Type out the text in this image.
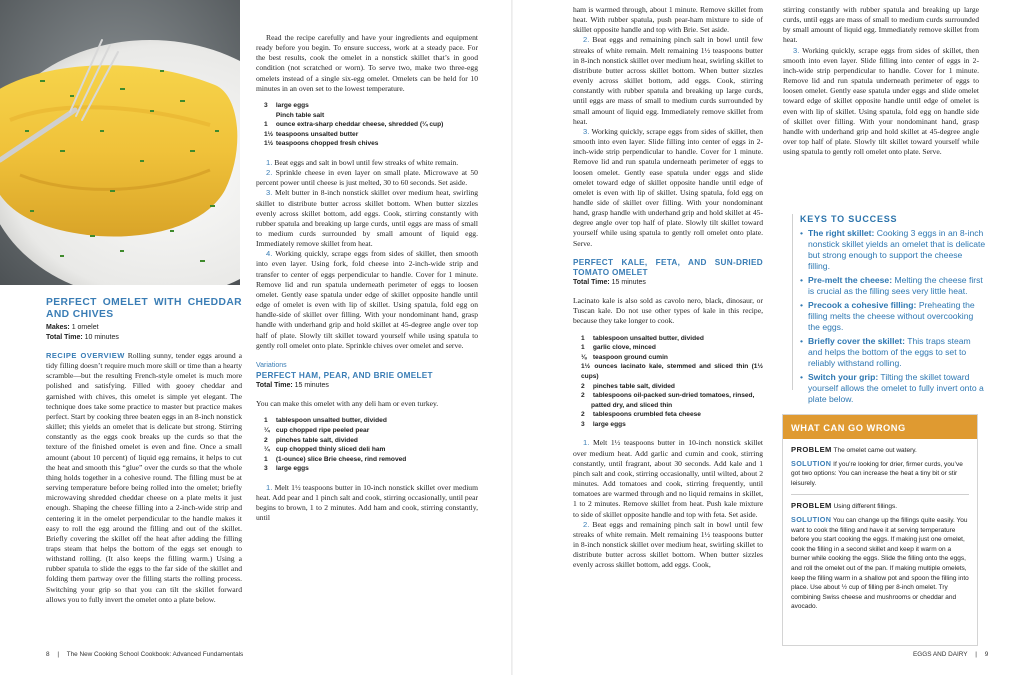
PERFECT OMELET WITH CHEDDAR AND CHIVES
Makes: 1 omelet
Total Time: 10 minutes

RECIPE OVERVIEW Rolling sunny, tender eggs around a tidy filling doesn’t require much more skill or time than a hearty scramble—but the resulting French-style omelet is much more polished and satisfying. Filled with gooey cheddar and garnished with chives, this omelet is simple yet elegant. The technique does take some practice to master but practice makes perfect. Start by cooking three beaten eggs in an 8-inch nonstick skillet; this yields an omelet that is delicate but strong. Stirring constantly as the eggs cook breaks up the curds so that the texture of the finished omelet is even and fine. Once a small amount (about 10 percent) of liquid egg remains, it helps to cut the heat and smooth this “glue” over the curds so that the whole thing holds together in a cohesive round. The filling must be at serving temperature before being rolled into the omelet; briefly microwaving shredded cheddar cheese on a plate melts it just enough. Shaping the cheese filling into a 2-inch-wide strip and centering it in the omelet perpendicular to the handle makes it easy to roll the egg around the filling and out of the skillet. Briefly covering the skillet off the heat after adding the filling traps steam that helps the bottom of the eggs set enough to withstand rolling. (It also keeps the filling warm.) Using a rubber spatula to slide the eggs to the far side of the skillet and folding them partway over the filling starts the rolling process. Switching your grip so that you can tilt the skillet forward allows you to fully invert the omelet onto a plate below.

Read the recipe carefully and have your ingredients and equipment ready before you begin. To ensure success, work at a steady pace. For the best results, cook the omelet in a nonstick skillet that’s in good condition (not scratched or worn). To serve two, make two three-egg omelets instead of a single six-egg omelet. Omelets can be held for 10 minutes in an oven set to the lowest temperature.

3 large eggs
Pinch table salt
1 ounce extra-sharp cheddar cheese, shredded (¼ cup)
1½ teaspoons unsalted butter
1½ teaspoons chopped fresh chives

1. Beat eggs and salt in bowl until few streaks of white remain.

2. Sprinkle cheese in even layer on small plate. Microwave at 50 percent power until cheese is just melted, 30 to 60 seconds. Set aside.

3. Melt butter in 8-inch nonstick skillet over medium heat, swirling skillet to distribute butter across skillet bottom. When butter sizzles evenly across skillet bottom, add eggs. Cook, stirring constantly with rubber spatula and breaking up large curds, until eggs are mass of small to medium curds surrounded by small amount of liquid egg. Immediately remove skillet from heat.

4. Working quickly, scrape eggs from sides of skillet, then smooth into even layer. Using fork, fold cheese into 2-inch-wide strip and transfer to center of eggs perpendicular to handle. Cover for 1 minute. Remove lid and run spatula underneath perimeter of eggs to loosen omelet. Gently ease spatula under edge of skillet opposite handle until edge of omelet is even with lip of skillet. Using spatula, fold egg on handle-side of skillet over filling. With your nondominant hand, grasp handle with underhand grip and hold skillet at 45-degree angle over top half of plate. Slowly tilt skillet toward yourself while using spatula to gently roll omelet onto plate. Sprinkle chives over omelet and serve.

Variations
PERFECT HAM, PEAR, AND BRIE OMELET
Total Time: 15 minutes

You can make this omelet with any deli ham or even turkey.

1 tablespoon unsalted butter, divided
¼ cup chopped ripe peeled pear
2 pinches table salt, divided
¼ cup chopped thinly sliced deli ham
1 (1-ounce) slice Brie cheese, rind removed
3 large eggs

1. Melt 1½ teaspoons butter in 10-inch nonstick skillet over medium heat. Add pear and 1 pinch salt and cook, stirring occasionally, until pear begins to brown, 1 to 2 minutes. Add ham and cook, stirring constantly, until

ham is warmed through, about 1 minute. Remove skillet from heat. With rubber spatula, push pear-ham mixture to side of skillet opposite handle and top with Brie. Set aside.

2. Beat eggs and remaining pinch salt in bowl until few streaks of white remain. Melt remaining 1½ teaspoons butter in 8-inch nonstick skillet over medium heat, swirling skillet to distribute butter across skillet bottom. When butter sizzles evenly across skillet bottom, add eggs. Cook, stirring constantly with rubber spatula and breaking up large curds, until eggs are mass of small to medium curds surrounded by small amount of liquid egg. Immediately remove skillet from heat.

3. Working quickly, scrape eggs from sides of skillet, then smooth into even layer. Slide filling into center of eggs in 2-inch-wide strip perpendicular to handle. Cover for 1 minute. Remove lid and run spatula underneath perimeter of eggs to loosen omelet. Gently ease spatula under eggs and slide omelet toward edge of skillet opposite handle until edge of omelet is even with lip of skillet. Using spatula, fold egg on handle side of skillet over filling. With your nondominant hand, grasp handle with underhand grip and hold skillet at 45-degree angle over top half of plate. Slowly tilt skillet toward yourself while using spatula to gently roll omelet onto plate. Serve.

PERFECT KALE, FETA, AND SUN-DRIED TOMATO OMELET
Total Time: 15 minutes

Lacinato kale is also sold as cavolo nero, black, dinosaur, or Tuscan kale. Do not use other types of kale in this recipe, because they take longer to cook.

1 tablespoon unsalted butter, divided
1 garlic clove, minced
⅛ teaspoon ground cumin
1½ ounces lacinato kale, stemmed and sliced thin (1½ cups)
2 pinches table salt, divided
2 tablespoons oil-packed sun-dried tomatoes, rinsed,
patted dry, and sliced thin
2 tablespoons crumbled feta cheese
3 large eggs

1. Melt 1½ teaspoons butter in 10-inch nonstick skillet over medium heat. Add garlic and cumin and cook, stirring constantly, until fragrant, about 30 seconds. Add kale and 1 pinch salt and cook, stirring occasionally, until wilted, about 2 minutes. Add tomatoes and cook, stirring frequently, until tomatoes are warmed through and no liquid remains in skillet, 1 to 2 minutes. Remove skillet from heat. Push kale mixture to side of skillet opposite handle and top with feta. Set aside.

2. Beat eggs and remaining pinch salt in bowl until few streaks of white remain. Melt remaining 1½ teaspoons butter in 8-inch nonstick skillet over medium heat, swirling skillet to distribute butter across skillet bottom. When butter sizzles evenly across skillet bottom, add eggs. Cook,

stirring constantly with rubber spatula and breaking up large curds, until eggs are mass of small to medium curds surrounded by small amount of liquid egg. Immediately remove skillet from heat.

3. Working quickly, scrape eggs from sides of skillet, then smooth into even layer. Slide filling into center of eggs in 2-inch-wide strip perpendicular to handle. Cover for 1 minute. Remove lid and run spatula underneath perimeter of eggs to loosen omelet. Gently ease spatula under eggs and slide omelet toward edge of skillet opposite handle until edge of omelet is even with lip of skillet. Using spatula, fold egg on handle side of skillet over filling. With your nondominant hand, grasp handle with underhand grip and hold skillet at 45-degree angle over top half of plate. Slowly tilt skillet toward yourself while using spatula to gently roll omelet onto plate. Serve.

KEYS TO SUCCESS
• The right skillet: Cooking 3 eggs in an 8-inch nonstick skillet yields an omelet that is delicate but strong enough to support the cheese filling.
• Pre-melt the cheese: Melting the cheese first is crucial as the filling sees very little heat.
• Precook a cohesive filling: Preheating the filling melts the cheese without overcooking the eggs.
• Briefly cover the skillet: This traps steam and helps the bottom of the eggs to set to reliably withstand rolling.
• Switch your grip: Tilting the skillet toward yourself allows the omelet to fully invert onto a plate below.
WHAT CAN GO WRONG
PROBLEM The omelet came out watery.
SOLUTION If you’re looking for drier, firmer curds, you’ve got two options: You can increase the heat a tiny bit or stir leisurely.
PROBLEM Using different fillings.
SOLUTION You can change up the fillings quite easily. You want to cook the filling and have it at serving temperature before you start cooking the eggs. If making just one omelet, cook the filling in a second skillet and keep it warm on a burner while cooking the eggs. Slide the filling onto the eggs, and roll the omelet out of the pan. If making multiple omelets, keep the filling warm in a shallow pot and spoon the filling into place. Use about ½ cup of filling per 8-inch omelet. Try combining Swiss cheese and mushrooms or cheddar and avocado.
8 | The New Cooking School Cookbook: Advanced Fundamentals	EGGS AND DAIRY | 9
